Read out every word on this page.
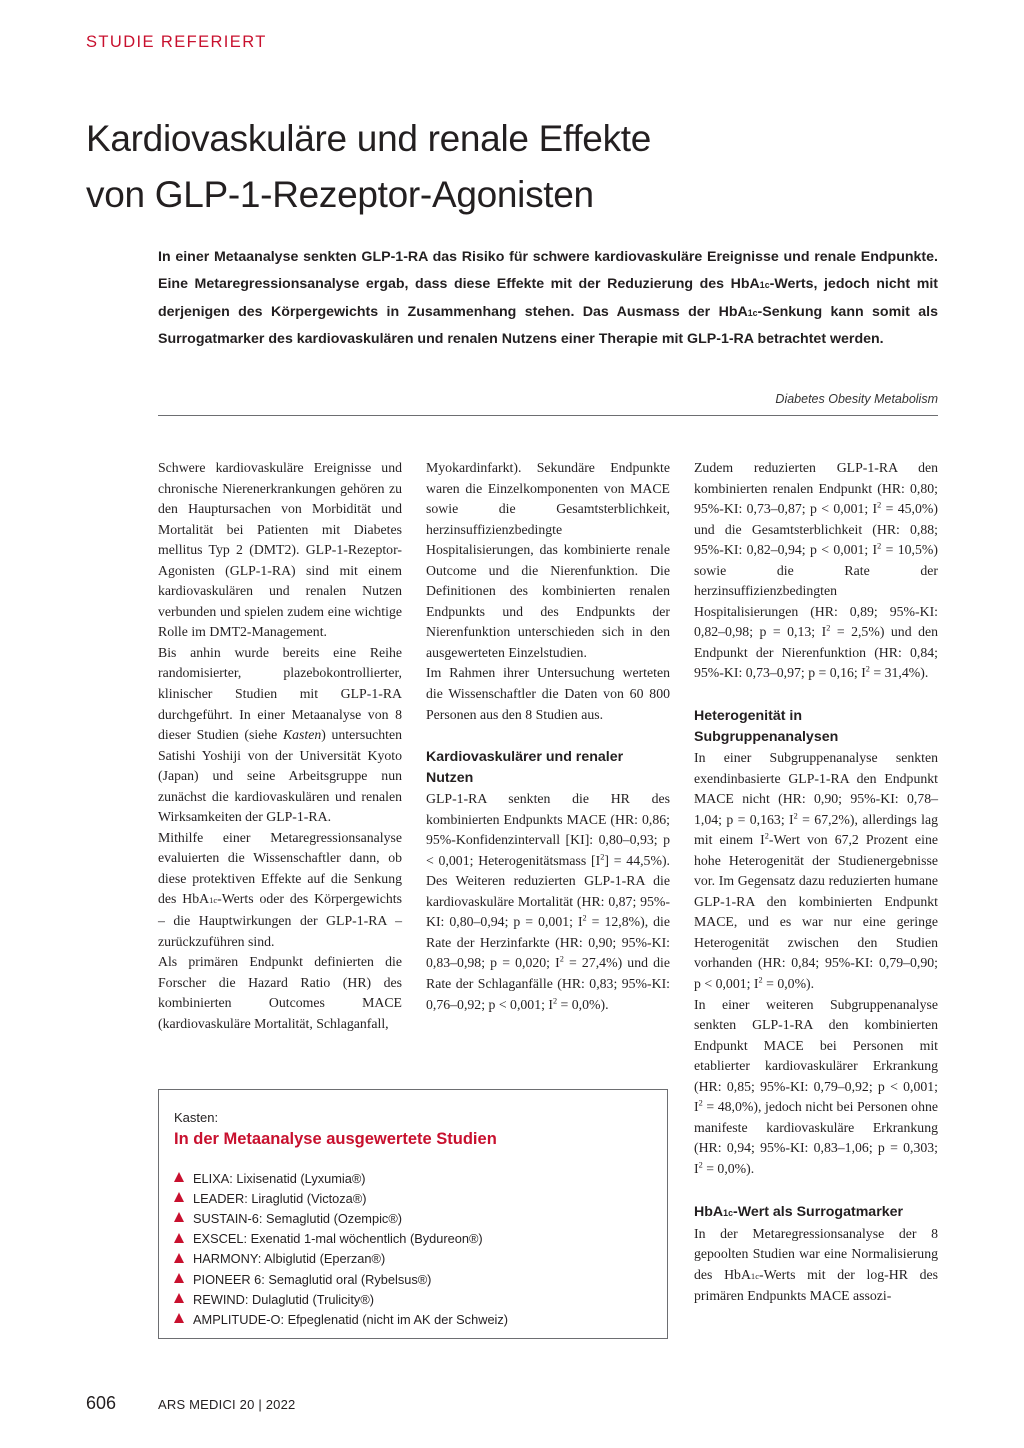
STUDIE REFERIERT
Kardiovaskuläre und renale Effekte
von GLP-1-Rezeptor-Agonisten

In einer Metaanalyse senkten GLP-1-RA das Risiko für schwere kardiovaskuläre Ereignisse und renale Endpunkte. Eine Metaregressionsanalyse ergab, dass diese Effekte mit der Reduzierung des HbA1c-Werts, jedoch nicht mit derjenigen des Körpergewichts in Zusammenhang stehen. Das Ausmass der HbA1c-Senkung kann somit als Surrogatmarker des kardiovaskulären und renalen Nutzens einer Therapie mit GLP-1-RA betrachtet werden.

Diabetes Obesity Metabolism

Schwere kardiovaskuläre Ereignisse und chronische Nierenerkrankungen gehören zu den Hauptursachen von Morbidität und Mortalität bei Patienten mit Diabetes mellitus Typ 2 (DMT2). GLP-1-Rezeptor-Agonisten (GLP-1-RA) sind mit einem kardiovaskulären und renalen Nutzen verbunden und spielen zudem eine wichtige Rolle im DMT2-Management.

Bis anhin wurde bereits eine Reihe randomisierter, plazebokontrollierter, klinischer Studien mit GLP-1-RA durchgeführt. In einer Metaanalyse von 8 dieser Studien (siehe Kasten) untersuchten Satishi Yoshiji von der Universität Kyoto (Japan) und seine Arbeitsgruppe nun zunächst die kardiovaskulären und renalen Wirksamkeiten der GLP-1-RA.

Mithilfe einer Metaregressionsanalyse evaluierten die Wissenschaftler dann, ob diese protektiven Effekte auf die Senkung des HbA1c-Werts oder des Körpergewichts – die Hauptwirkungen der GLP-1-RA – zurückzuführen sind.

Als primären Endpunkt definierten die Forscher die Hazard Ratio (HR) des kombinierten Outcomes MACE (kardiovaskuläre Mortalität, Schlaganfall,

Myokardinfarkt). Sekundäre Endpunkte waren die Einzelkomponenten von MACE sowie die Gesamtsterblichkeit, herzinsuffizienzbedingte Hospitalisierungen, das kombinierte renale Outcome und die Nierenfunktion. Die Definitionen des kombinierten renalen Endpunkts und des Endpunkts der Nierenfunktion unterschieden sich in den ausgewerteten Einzelstudien.

Im Rahmen ihrer Untersuchung werteten die Wissenschaftler die Daten von 60 800 Personen aus den 8 Studien aus.

Kardiovaskulärer und renaler Nutzen

GLP-1-RA senkten die HR des kombinierten Endpunkts MACE (HR: 0,86; 95%-Konfidenzintervall [KI]: 0,80–0,93; p < 0,001; Heterogenitätsmass $[I^2] = 44,5\%$). Des Weiteren reduzierten GLP-1-RA die kardiovaskuläre Mortalität (HR: 0,87; 95%-KI: 0,80–0,94; p = 0,001; $I^2 = 12,8\%$), die Rate der Herzinfarkte (HR: 0,90; 95%-KI: 0,83–0,98; p = 0,020; $I^2 = 27,4\%$) und die Rate der Schlaganfälle (HR: 0,83; 95%-KI: 0,76–0,92; p < 0,001; $I^2 = 0,0\%$).

Zudem reduzierten GLP-1-RA den kombinierten renalen Endpunkt (HR: 0,80; 95%-KI: 0,73–0,87; p < 0,001; $I^2 = 45,0\%$) und die Gesamtsterblichkeit (HR: 0,88; 95%-KI: 0,82–0,94; p < 0,001; $I^2 = 10,5\%$) sowie die Rate der herzinsuffizienzbedingten Hospitalisierungen (HR: 0,89; 95%-KI: 0,82–0,98; p = 0,13; $I^2 = 2,5\%$) und den Endpunkt der Nierenfunktion (HR: 0,84; 95%-KI: 0,73–0,97; p = 0,16; $I^2 = 31,4\%$).

Heterogenität in Subgruppenanalysen

In einer Subgruppenanalyse senkten exendinbasierte GLP-1-RA den Endpunkt MACE nicht (HR: 0,90; 95%-KI: 0,78–1,04; p = 0,163; $I^2 = 67,2\%$), allerdings lag mit einem $I^2$-Wert von 67,2 Prozent eine hohe Heterogenität der Studienergebnisse vor. Im Gegensatz dazu reduzierten humane GLP-1-RA den kombinierten Endpunkt MACE, und es war nur eine geringe Heterogenität zwischen den Studien vorhanden (HR: 0,84; 95%-KI: 0,79–0,90; p < 0,001; $I^2 = 0,0\%$).

In einer weiteren Subgruppenanalyse senkten GLP-1-RA den kombinierten Endpunkt MACE bei Personen mit etablierter kardiovaskulärer Erkrankung (HR: 0,85; 95%-KI: 0,79–0,92; p < 0,001; $I^2 = 48,0\%$), jedoch nicht bei Personen ohne manifeste kardiovaskuläre Erkrankung (HR: 0,94; 95%-KI: 0,83–1,06; p = 0,303; $I^2 = 0,0\%$).

HbA1c-Wert als Surrogatmarker

In der Metaregressionsanalyse der 8 gepoolten Studien war eine Normalisierung des HbA1c-Werts mit der log-HR des primären Endpunkts MACE assozi-

Kasten:
In der Metaanalyse ausgewertete Studien
ELIXA: Lixisenatid (Lyxumia®)
LEADER: Liraglutid (Victoza®)
SUSTAIN-6: Semaglutid (Ozempic®)
EXSCEL: Exenatid 1-mal wöchentlich (Bydureon®)
HARMONY: Albiglutid (Eperzan®)
PIONEER 6: Semaglutid oral (Rybelsus®)
REWIND: Dulaglutid (Trulicity®)
AMPLITUDE-O: Efpeglenatid (nicht im AK der Schweiz)
606	ARS MEDICI 20 | 2022
